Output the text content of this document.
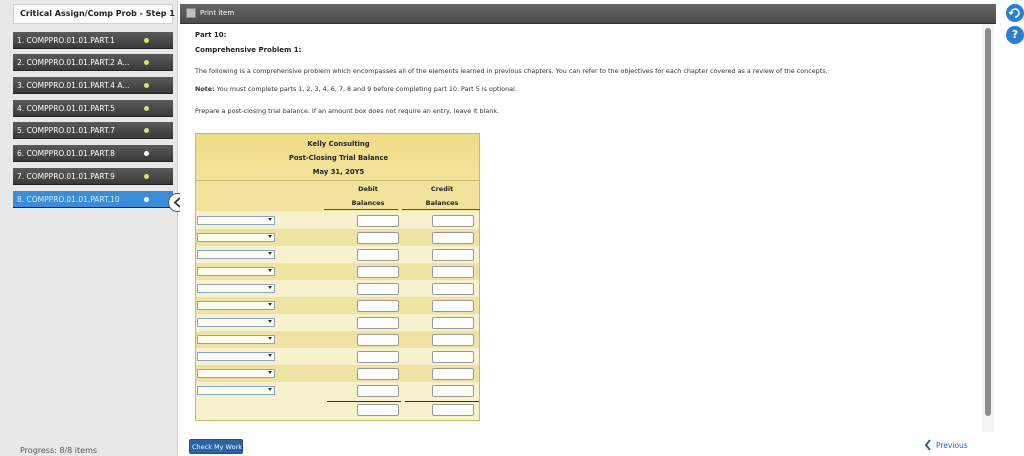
Critical Assign/Comp Prob - Step 1
1. COMPPRO.01.01.PART.1
2. COMPPRO.01.01.PART.2 A...
3. COMPPRO.01.01.PART.4 A...
4. COMPPRO.01.01.PART.5
5. COMPPRO.01.01.PART.7
6. COMPPRO.01.01.PART.8
7. COMPPRO.01.01.PART.9
8. COMPPRO.01.01.PART.10
Progress: 8/8 items
Print item
?
Part 10:
Comprehensive Problem 1:
The following is a comprehensive problem which encompasses all of the elements learned in previous chapters. You can refer to the objectives for each chapter covered as a review of the concepts.
Note: You must complete parts 1, 2, 3, 4, 6, 7, 8 and 9 before completing part 10. Part 5 is optional.
Prepare a post-closing trial balance. If an amount box does not require an entry, leave it blank.
Kelly Consulting
Post-Closing Trial Balance
May 31, 20Y5
Debit
Balances
Credit
Balances
Check My Work	Previous
